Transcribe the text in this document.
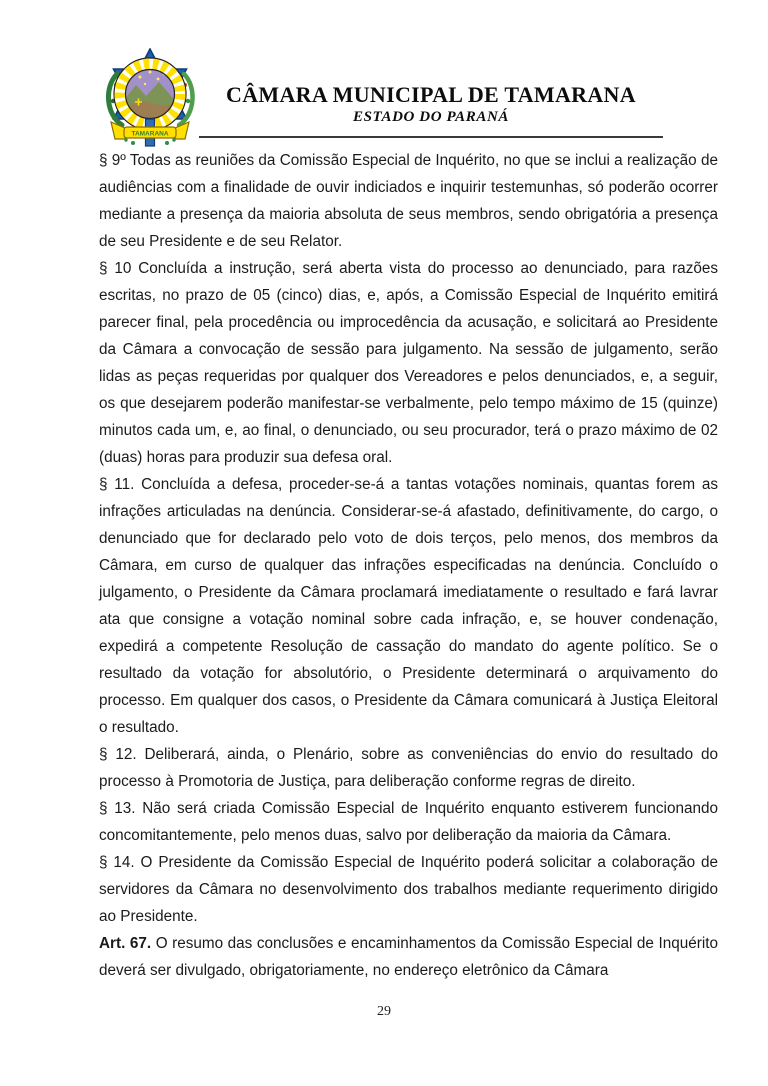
TAMARANA
CÂMARA MUNICIPAL DE TAMARANA
ESTADO DO PARANÁ

§ 9º Todas as reuniões da Comissão Especial de Inquérito, no que se inclui a realização de audiências com a finalidade de ouvir indiciados e inquirir testemunhas, só poderão ocorrer mediante a presença da maioria absoluta de seus membros, sendo obrigatória a presença de seu Presidente e de seu Relator.

§ 10 Concluída a instrução, será aberta vista do processo ao denunciado, para razões escritas, no prazo de 05 (cinco) dias, e, após, a Comissão Especial de Inquérito emitirá parecer final, pela procedência ou improcedência da acusação, e solicitará ao Presidente da Câmara a convocação de sessão para julgamento. Na sessão de julgamento, serão lidas as peças requeridas por qualquer dos Vereadores e pelos denunciados, e, a seguir, os que desejarem poderão manifestar-se verbalmente, pelo tempo máximo de 15 (quinze) minutos cada um, e, ao final, o denunciado, ou seu procurador, terá o prazo máximo de 02 (duas) horas para produzir sua defesa oral.

§ 11. Concluída a defesa, proceder-se-á a tantas votações nominais, quantas forem as infrações articuladas na denúncia. Considerar-se-á afastado, definitivamente, do cargo, o denunciado que for declarado pelo voto de dois terços, pelo menos, dos membros da Câmara, em curso de qualquer das infrações especificadas na denúncia. Concluído o julgamento, o Presidente da Câmara proclamará imediatamente o resultado e fará lavrar ata que consigne a votação nominal sobre cada infração, e, se houver condenação, expedirá a competente Resolução de cassação do mandato do agente político. Se o resultado da votação for absolutório, o Presidente determinará o arquivamento do processo. Em qualquer dos casos, o Presidente da Câmara comunicará à Justiça Eleitoral o resultado.

§ 12. Deliberará, ainda, o Plenário, sobre as conveniências do envio do resultado do processo à Promotoria de Justiça, para deliberação conforme regras de direito.

§ 13. Não será criada Comissão Especial de Inquérito enquanto estiverem funcionando concomitantemente, pelo menos duas, salvo por deliberação da maioria da Câmara.

§ 14. O Presidente da Comissão Especial de Inquérito poderá solicitar a colaboração de servidores da Câmara no desenvolvimento dos trabalhos mediante requerimento dirigido ao Presidente.

Art. 67. O resumo das conclusões e encaminhamentos da Comissão Especial de Inquérito deverá ser divulgado, obrigatoriamente, no endereço eletrônico da Câmara

29
